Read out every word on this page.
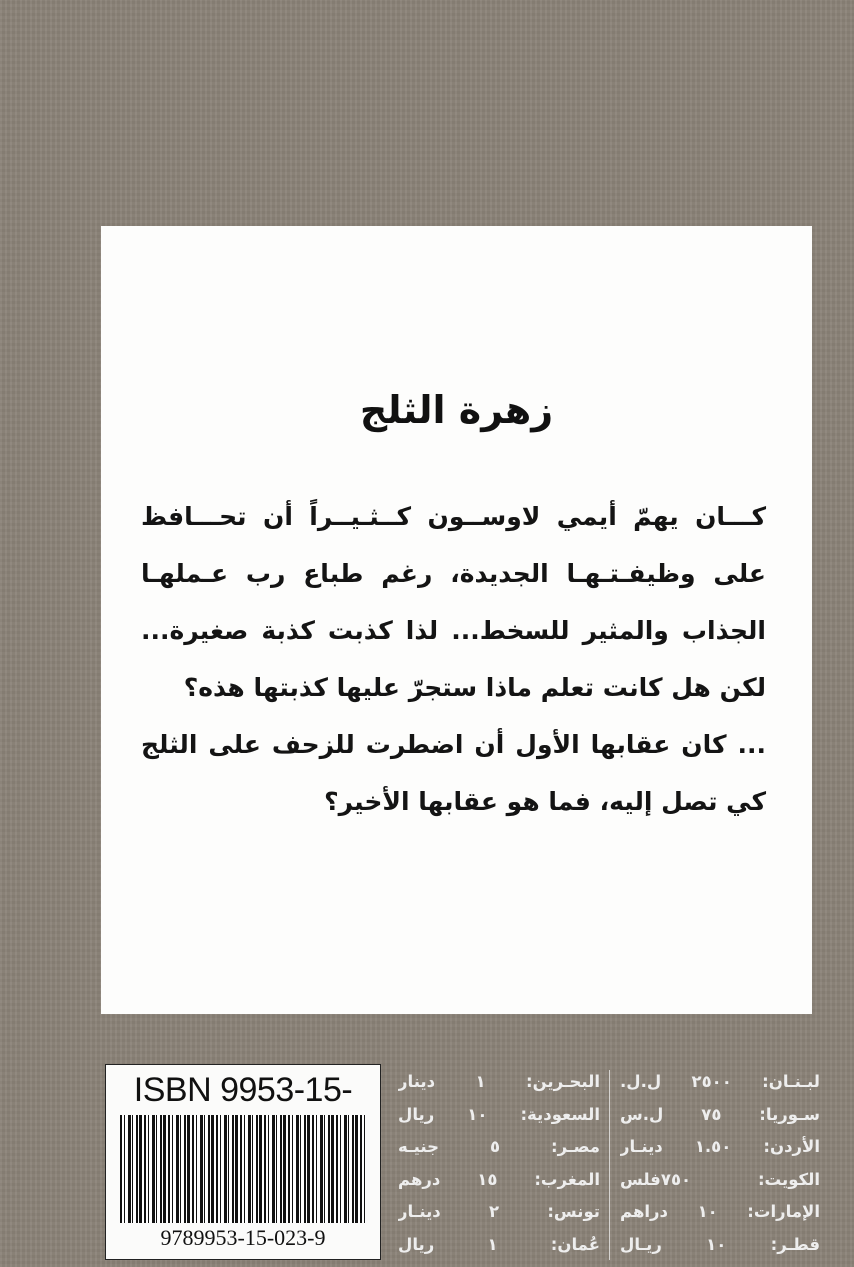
زهرة الثلج

كـــان يهمّ أيمي لاوســون كــثـيــراً أن تحـــافظ على وظيفـتـهـا الجديدة، رغم طباع رب عـملهـا الجذاب والمثير للسخط... لذا كذبت كذبة صغيرة... لكن هل كانت تعلم ماذا ستجرّ عليها كذبتها هذه؟

... كان عقابها الأول أن اضطرت للزحف على الثلج كي تصل إليه، فما هو عقابها الأخير؟

ISBN 9953-15-
9789953-15-023-9
لبـنـان: ٢٥٠٠ ل.ل.
سـوريا: ٧٥ ل.س
الأردن: ١.٥٠ دينـار
الكويت: ٧٥٠فلس
الإمارات: ١٠ دراهم
قطـر: ١٠ ريـال
البحـرين: ١ دينار
السعودية: ١٠ ريال
مصـر: ٥ جنيـه
المغرب: ١٥ درهم
تونس: ٢ دينـار
عُمان: ١ ريال
